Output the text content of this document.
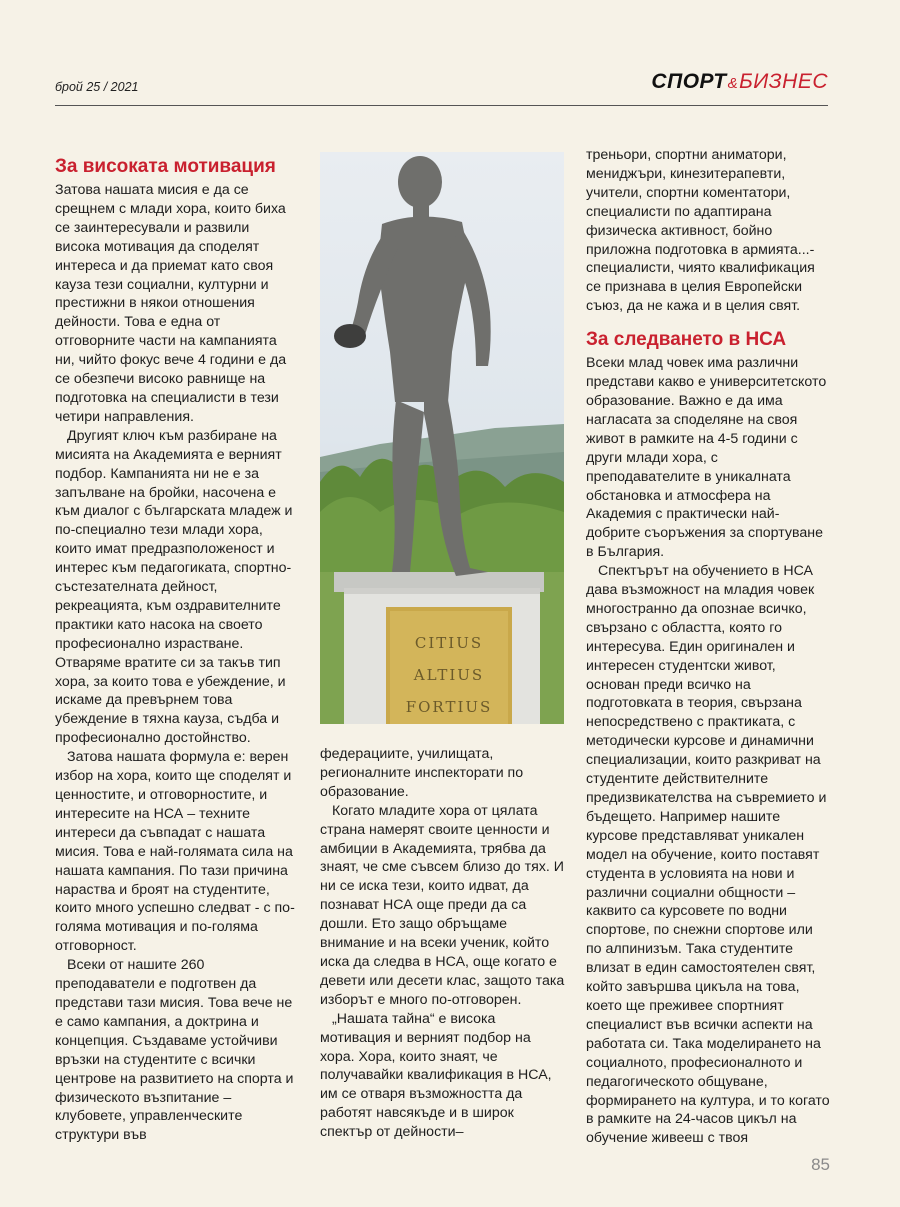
брой 25 / 2021	СПОРТ&БИЗНЕС
За високата мотивация

Затова нашата мисия е да се срещнем с млади хора, които биха се заинтересували и развили висока мотивация да споделят интереса и да приемат като своя кауза тези социални, културни и престижни в някои отношения дейности. Това е една от отговорните части на кампанията ни, чийто фокус вече 4 години е да се обезпечи високо равнище на подготовка на специалисти в тези четири направления.

Другият ключ към разбиране на мисията на Академията е верният подбор. Кампанията ни не е за запълване на бройки, насочена е към диалог с българската младеж и по-специално тези млади хора, които имат предразположеност и интерес към педагогиката, спортно-състезателната дейност, рекреацията, към оздравителните практики като насока на своето професионално израстване. Отваряме вратите си за такъв тип хора, за които това е убеждение, и искаме да превърнем това убеждение в тяхна кауза, съдба и професионално достойнство.

Затова нашата формула е: верен избор на хора, които ще споделят и ценностите, и отговорностите, и интересите на НСА – техните интереси да съвпадат с нашата мисия. Това е най-голямата сила на нашата кампания. По тази причина нараства и броят на студентите, които много успешно следват - с по-голяма мотивация и по-голяма отговорност.

Всеки от нашите 260 преподаватели е подготвен да представи тази мисия. Това вече не е само кампания, а доктрина и концепция. Създаваме устойчиви връзки на студентите с всички центрове на развитието на спорта и физическото възпитание – клубовете, управленческите структури във

CITIUS
ALTIUS
FORTIUS

федерациите, училищата, регионалните инспекторати по образование.

Когато младите хора от цялата страна намерят своите ценности и амбиции в Академията, трябва да знаят, че сме съвсем близо до тях. И ни се иска тези, които идват, да познават НСА още преди да са дошли. Ето защо обръщаме внимание и на всеки ученик, който иска да следва в НСА, още когато е девети или десети клас, защото така изборът е много по-отговорен.

„Нашата тайна“ е висока мотивация и верният подбор на хора. Хора, които знаят, че получавайки квалификация в НСА, им се отваря възможността да работят навсякъде и в широк спектър от дейности–

треньори, спортни аниматори, мениджъри, кинезитерапевти, учители, спортни коментатори, специалисти по адаптирана физическа активност, бойно приложна подготовка в армията...- специалисти, чиято квалификация се признава в целия Европейски съюз, да не кажа и в целия свят.

За следването в НСА

Всеки млад човек има различни представи какво е университетското образование. Важно е да има нагласата за споделяне на своя живот в рамките на 4-5 години с други млади хора, с преподавателите в уникалната обстановка и атмосфера на Академия с практически най-добрите съоръжения за спортуване в България.

Спектърът на обучението в НСА дава възможност на младия човек многостранно да опознае всичко, свързано с областта, която го интересува. Един оригинален и интересен студентски живот, основан преди всичко на подготовката в теория, свързана непосредствено с практиката, с методически курсове и динамични специализации, които разкриват на студентите действителните предизвикателства на съвремието и бъдещето. Например нашите курсове представляват уникален модел на обучение, които поставят студента в условията на нови и различни социални общности – каквито са курсовете по водни спортове, по снежни спортове или по алпинизъм. Така студентите влизат в един самостоятелен свят, който завършва цикъла на това, което ще преживее спортният специалист във всички аспекти на работата си. Така моделирането на социалното, професионалното и педагогическото общуване, формирането на култура, и то когато в рамките на 24-часов цикъл на обучение живееш с твоя

85
